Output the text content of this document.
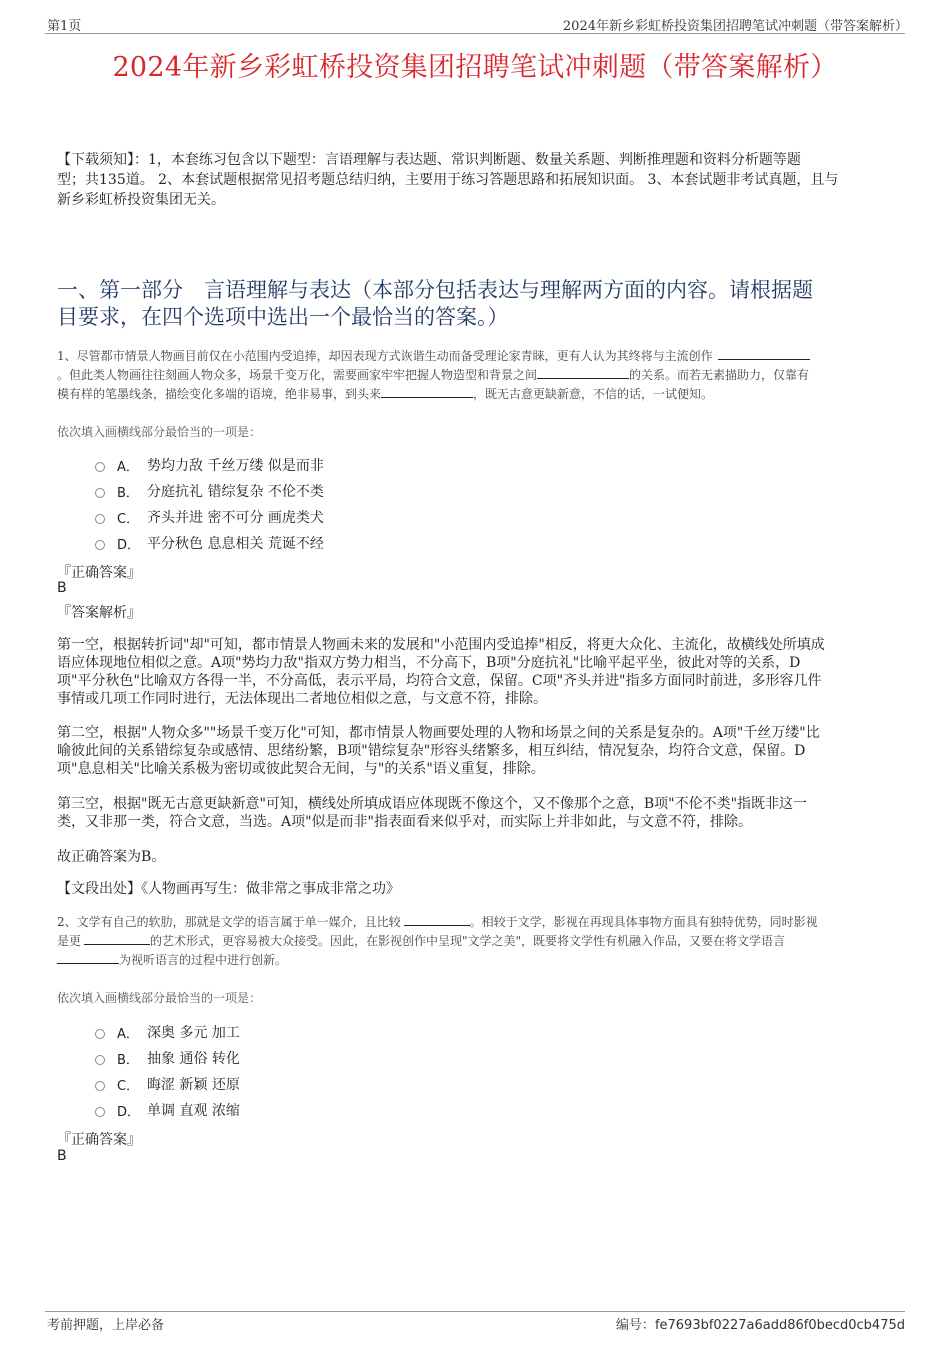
第1页	2024年新乡彩虹桥投资集团招聘笔试冲刺题（带答案解析）
2024年新乡彩虹桥投资集团招聘笔试冲刺题（带答案解析）
【下载须知】：1，本套练习包含以下题型：言语理解与表达题、常识判断题、数量关系题、判断推理题和资料分析题等题
型；共135道。 2、本套试题根据常见招考题总结归纳，主要用于练习答题思路和拓展知识面。 3、本套试题非考试真题，且与
新乡彩虹桥投资集团无关。
一、第一部分　言语理解与表达（本部分包括表达与理解两方面的内容。请根据题
目要求，在四个选项中选出一个最恰当的答案。）
1、尽管都市情景人物画目前仅在小范围内受追捧，却因表现方式诙谐生动而备受理论家青睐，更有人认为其终将与主流创作
。但此类人物画往往刻画人物众多，场景千变万化，需要画家牢牢把握人物造型和背景之间	的关系。而若无素描助力，仅靠有
模有样的笔墨线条，描绘变化多端的语境，绝非易事，到头来	，既无古意更缺新意，不信的话，一试便知。
依次填入画横线部分最恰当的一项是：
A． 势均力敌 千丝万缕 似是而非
B． 分庭抗礼 错综复杂 不伦不类
C． 齐头并进 密不可分 画虎类犬
D． 平分秋色 息息相关 荒诞不经
『正确答案』
B
『答案解析』
第一空，根据转折词"却"可知，都市情景人物画未来的发展和"小范围内受追捧"相反，将更大众化、主流化，故横线处所填成
语应体现地位相似之意。A项"势均力敌"指双方势力相当，不分高下，B项"分庭抗礼"比喻平起平坐，彼此对等的关系，D
项"平分秋色"比喻双方各得一半，不分高低，表示平局，均符合文意，保留。C项"齐头并进"指多方面同时前进，多形容几件
事情或几项工作同时进行，无法体现出二者地位相似之意，与文意不符，排除。
第二空，根据"人物众多""场景千变万化"可知，都市情景人物画要处理的人物和场景之间的关系是复杂的。A项"千丝万缕"比
喻彼此间的关系错综复杂或感情、思绪纷繁，B项"错综复杂"形容头绪繁多，相互纠结，情况复杂，均符合文意，保留。D
项"息息相关"比喻关系极为密切或彼此契合无间，与"的关系"语义重复，排除。
第三空，根据"既无古意更缺新意"可知，横线处所填成语应体现既不像这个，又不像那个之意，B项"不伦不类"指既非这一
类，又非那一类，符合文意，当选。A项"似是而非"指表面看来似乎对，而实际上并非如此，与文意不符，排除。
故正确答案为B。
【文段出处】《人物画再写生：做非常之事成非常之功》
2、文学有自己的软肋，那就是文学的语言属于单一媒介，且比较	。相较于文学，影视在再现具体事物方面具有独特优势，同时影视
是更	的艺术形式，更容易被大众接受。因此，在影视创作中呈现"文学之美"，既要将文学性有机融入作品，又要在将文学语言
为视听语言的过程中进行创新。
依次填入画横线部分最恰当的一项是：
A． 深奥 多元 加工
B． 抽象 通俗 转化
C． 晦涩 新颖 还原
D． 单调 直观 浓缩
『正确答案』
B
考前押题，上岸必备	编号：fe7693bf0227a6add86f0becd0cb475d
